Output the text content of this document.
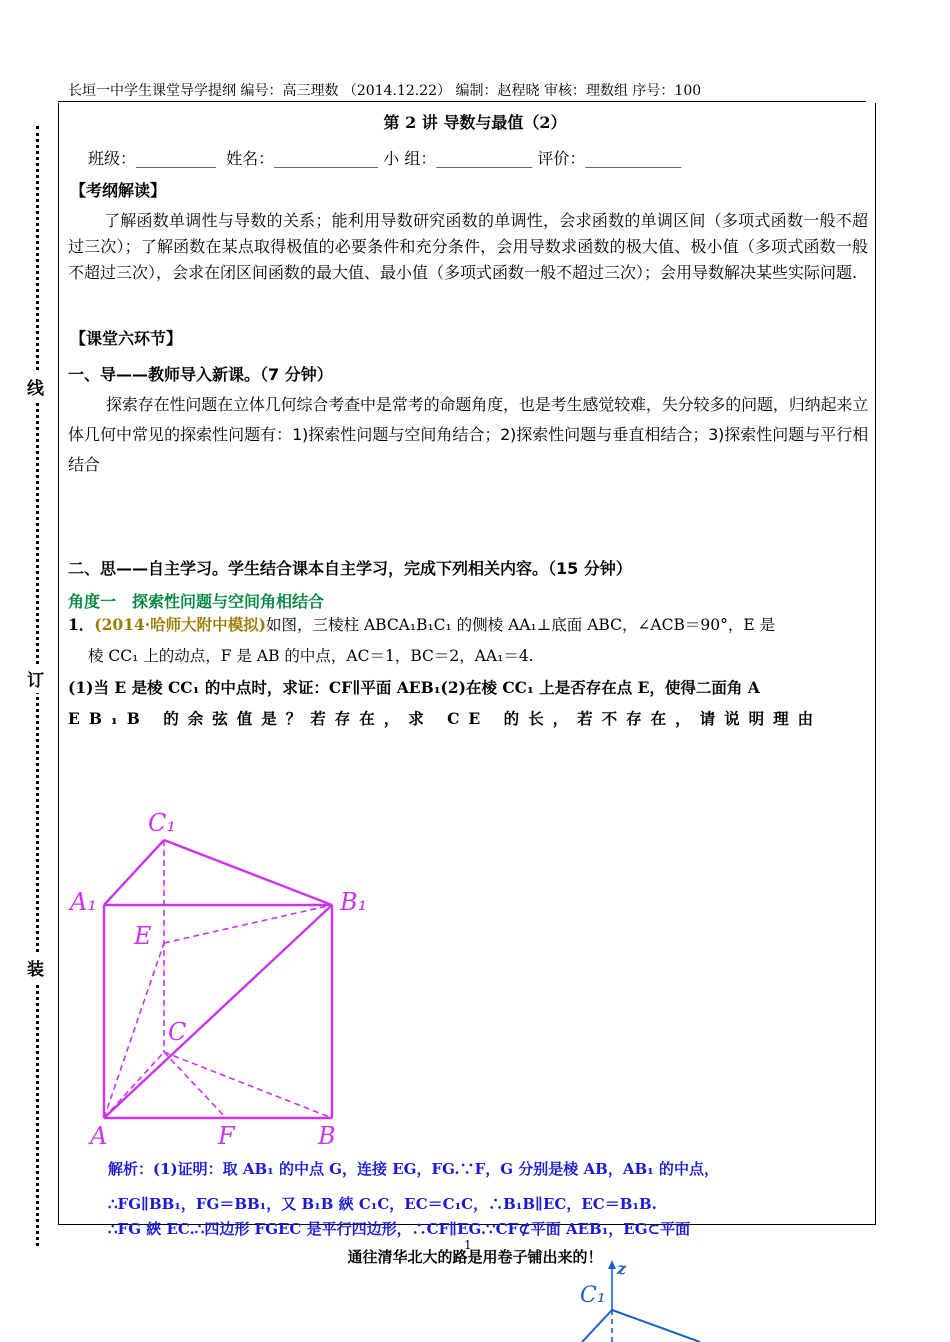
长垣一中学生课堂导学提纲 编号：高三理数 （2014.12.22） 编制：赵程晓 审核：理数组 序号：100
线
订
装
第 2 讲 导数与最值（2）
班级：__________  姓名：_____________ 小 组：____________ 评价：____________
【考纲解读】
了解函数单调性与导数的关系；能利用导数研究函数的单调性，会求函数的单调区间（多项式函数一般不超过三次）；了解函数在某点取得极值的必要条件和充分条件，会用导数求函数的极大值、极小值（多项式函数一般不超过三次），会求在闭区间函数的最大值、最小值（多项式函数一般不超过三次）；会用导数解决某些实际问题.
【课堂六环节】
一、导——教师导入新课。（7 分钟）
探索存在性问题在立体几何综合考查中是常考的命题角度，也是考生感觉较难，失分较多的问题，归纳起来立体几何中常见的探索性问题有：1)探索性问题与空间角结合；2)探索性问题与垂直相结合；3)探索性问题与平行相结合
二、思——自主学习。学生结合课本自主学习，完成下列相关内容。（15 分钟）
角度一　探索性问题与空间角相结合
1．(2014·哈师大附中模拟)如图，三棱柱 ABCA₁B₁C₁ 的侧棱 AA₁⊥底面 ABC，∠ACB＝90°，E 是
棱 CC₁ 上的动点，F 是 AB 的中点，AC＝1，BC＝2，AA₁＝4.
(1)当 E 是棱 CC₁ 的中点时，求证：CF∥平面 AEB₁(2)在棱 CC₁ 上是否存在点 E，使得二面角 A
EB₁B 的余弦值是？若存在，求 CE 的长，若不存在，请说明理由
C₁
A₁	B₁
E
C
A	F	B
解析：(1)证明：取 AB₁ 的中点 G，连接 EG，FG.∵F，G 分别是棱 AB，AB₁ 的中点，
∴FG∥BB₁，FG＝BB₁，又 B₁B 綊 C₁C，EC＝C₁C，∴B₁B∥EC，EC＝B₁B.
∴FG 綊 EC.∴四边形 FGEC 是平行四边形，∴CF∥EG.∵CF⊄平面 AEB₁，EG⊂平面
1
通往清华北大的路是用卷子铺出来的！
C₁
z
